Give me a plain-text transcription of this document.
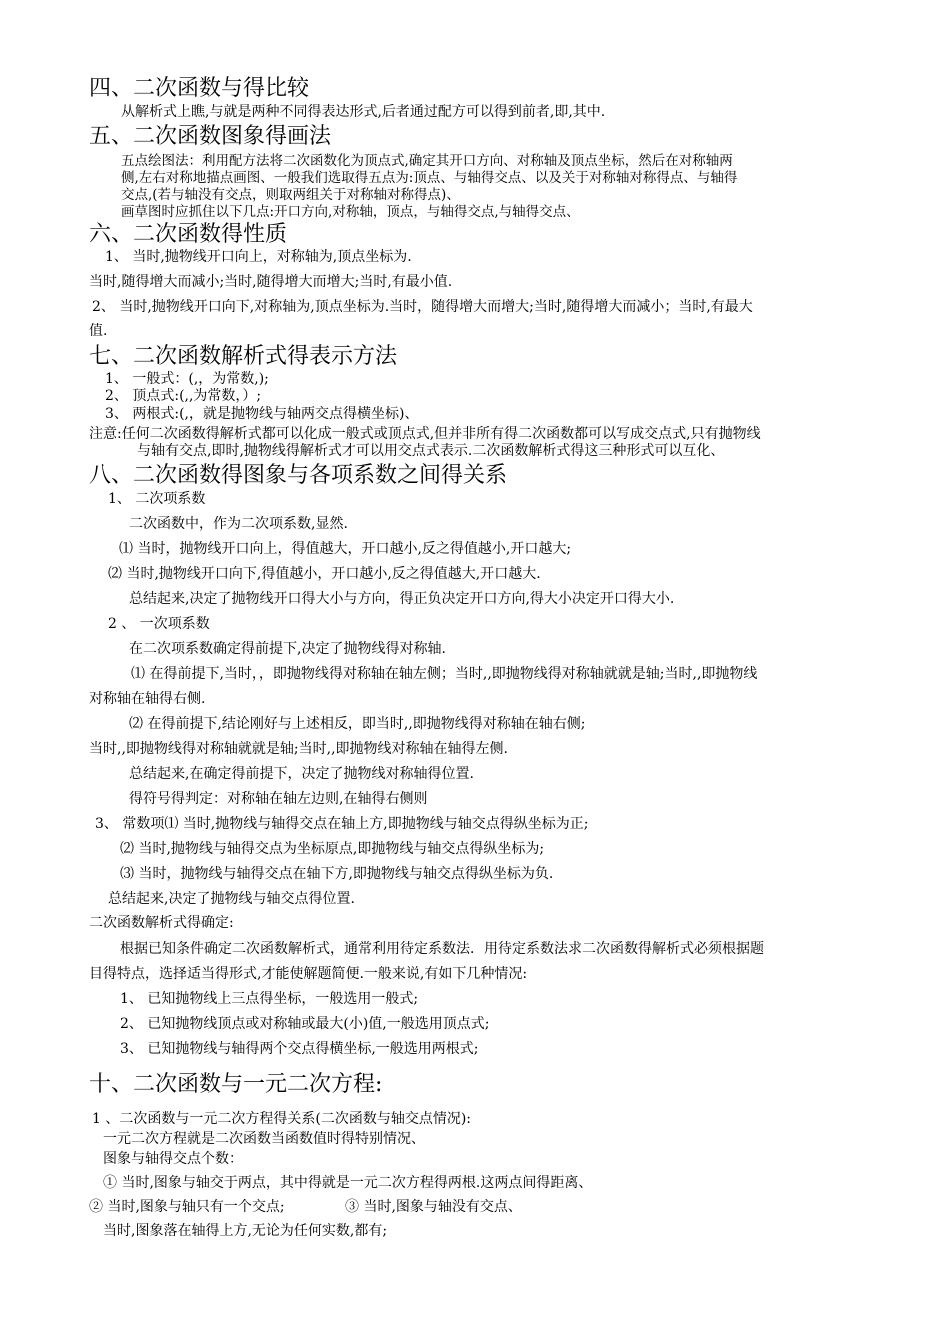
四、二次函数与得比较
从解析式上瞧,与就是两种不同得表达形式,后者通过配方可以得到前者,即,其中.
五、二次函数图象得画法
五点绘图法：利用配方法将二次函数化为顶点式,确定其开口方向、对称轴及顶点坐标，然后在对称轴两
侧,左右对称地描点画图、一般我们选取得五点为:顶点、与轴得交点、以及关于对称轴对称得点、与轴得
交点,(若与轴没有交点，则取两组关于对称轴对称得点)、
画草图时应抓住以下几点:开口方向,对称轴，顶点，与轴得交点,与轴得交点、
六、二次函数得性质
1、 当时,抛物线开口向上，对称轴为,顶点坐标为.
当时,随得增大而减小;当时,随得增大而增大;当时,有最小值.
2、 当时,抛物线开口向下,对称轴为,顶点坐标为.当时，随得增大而增大;当时,随得增大而减小；当时,有最大
值.
七、二次函数解析式得表示方法
1、 一般式：(,，为常数,);
2、 顶点式:(,,为常数，）;
3、 两根式:(,，就是抛物线与轴两交点得横坐标)、
注意:任何二次函数得解析式都可以化成一般式或顶点式,但并非所有得二次函数都可以写成交点式,只有抛物线
与轴有交点,即时,抛物线得解析式才可以用交点式表示.二次函数解析式得这三种形式可以互化、
八、二次函数得图象与各项系数之间得关系
1、 二次项系数
二次函数中，作为二次项系数,显然.
⑴ 当时，抛物线开口向上，得值越大，开口越小,反之得值越小,开口越大;
⑵ 当时,抛物线开口向下,得值越小，开口越小,反之得值越大,开口越大.
总结起来,决定了抛物线开口得大小与方向，得正负决定开口方向,得大小决定开口得大小.
2 、 一次项系数
在二次项系数确定得前提下,决定了抛物线得对称轴.
⑴ 在得前提下,当时，，即抛物线得对称轴在轴左侧；当时,,即抛物线得对称轴就就是轴;当时,,即抛物线
对称轴在轴得右侧.
⑵ 在得前提下,结论刚好与上述相反，即当时,,即抛物线得对称轴在轴右侧;
当时,,即抛物线得对称轴就就是轴;当时,,即抛物线对称轴在轴得左侧.
总结起来,在确定得前提下，决定了抛物线对称轴得位置.
得符号得判定：对称轴在轴左边则,在轴得右侧则
3、 常数项⑴ 当时,抛物线与轴得交点在轴上方,即抛物线与轴交点得纵坐标为正;
⑵ 当时,抛物线与轴得交点为坐标原点,即抛物线与轴交点得纵坐标为;
⑶ 当时，抛物线与轴得交点在轴下方,即抛物线与轴交点得纵坐标为负.
总结起来,决定了抛物线与轴交点得位置.
二次函数解析式得确定:
根据已知条件确定二次函数解析式，通常利用待定系数法．用待定系数法求二次函数得解析式必须根据题
目得特点，选择适当得形式,才能使解题简便.一般来说,有如下几种情况:
1、 已知抛物线上三点得坐标，一般选用一般式;
2、 已知抛物线顶点或对称轴或最大(小)值,一般选用顶点式;
3、 已知抛物线与轴得两个交点得横坐标,一般选用两根式;
十、二次函数与一元二次方程:
1 、二次函数与一元二次方程得关系(二次函数与轴交点情况):
一元二次方程就是二次函数当函数值时得特别情况、
图象与轴得交点个数：
① 当时,图象与轴交于两点，其中得就是一元二次方程得两根.这两点间得距离、
② 当时,图象与轴只有一个交点;	③ 当时,图象与轴没有交点、
当时,图象落在轴得上方,无论为任何实数,都有;
